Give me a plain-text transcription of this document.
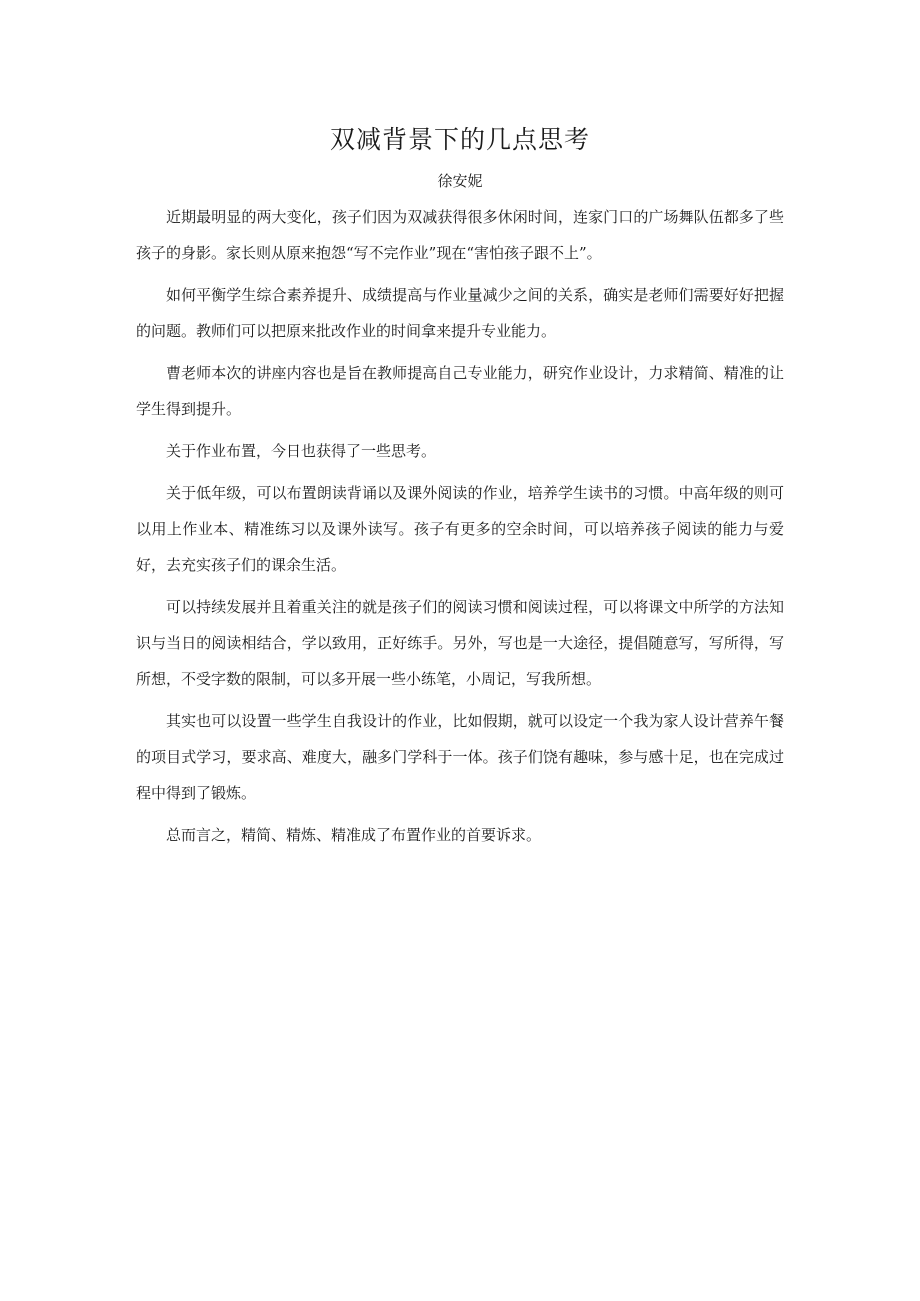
双减背景下的几点思考
徐安妮

近期最明显的两大变化，孩子们因为双减获得很多休闲时间，连家门口的广场舞队伍都多了些孩子的身影。家长则从原来抱怨“写不完作业”现在“害怕孩子跟不上”。

如何平衡学生综合素养提升、成绩提高与作业量减少之间的关系，确实是老师们需要好好把握的问题。教师们可以把原来批改作业的时间拿来提升专业能力。

曹老师本次的讲座内容也是旨在教师提高自己专业能力，研究作业设计，力求精简、精准的让学生得到提升。

关于作业布置，今日也获得了一些思考。

关于低年级，可以布置朗读背诵以及课外阅读的作业，培养学生读书的习惯。中高年级的则可以用上作业本、精准练习以及课外读写。孩子有更多的空余时间，可以培养孩子阅读的能力与爱好，去充实孩子们的课余生活。

可以持续发展并且着重关注的就是孩子们的阅读习惯和阅读过程，可以将课文中所学的方法知识与当日的阅读相结合，学以致用，正好练手。另外，写也是一大途径，提倡随意写，写所得，写所想，不受字数的限制，可以多开展一些小练笔，小周记，写我所想。

其实也可以设置一些学生自我设计的作业，比如假期，就可以设定一个我为家人设计营养午餐的项目式学习，要求高、难度大，融多门学科于一体。孩子们饶有趣味，参与感十足，也在完成过程中得到了锻炼。

总而言之，精简、精炼、精准成了布置作业的首要诉求。
